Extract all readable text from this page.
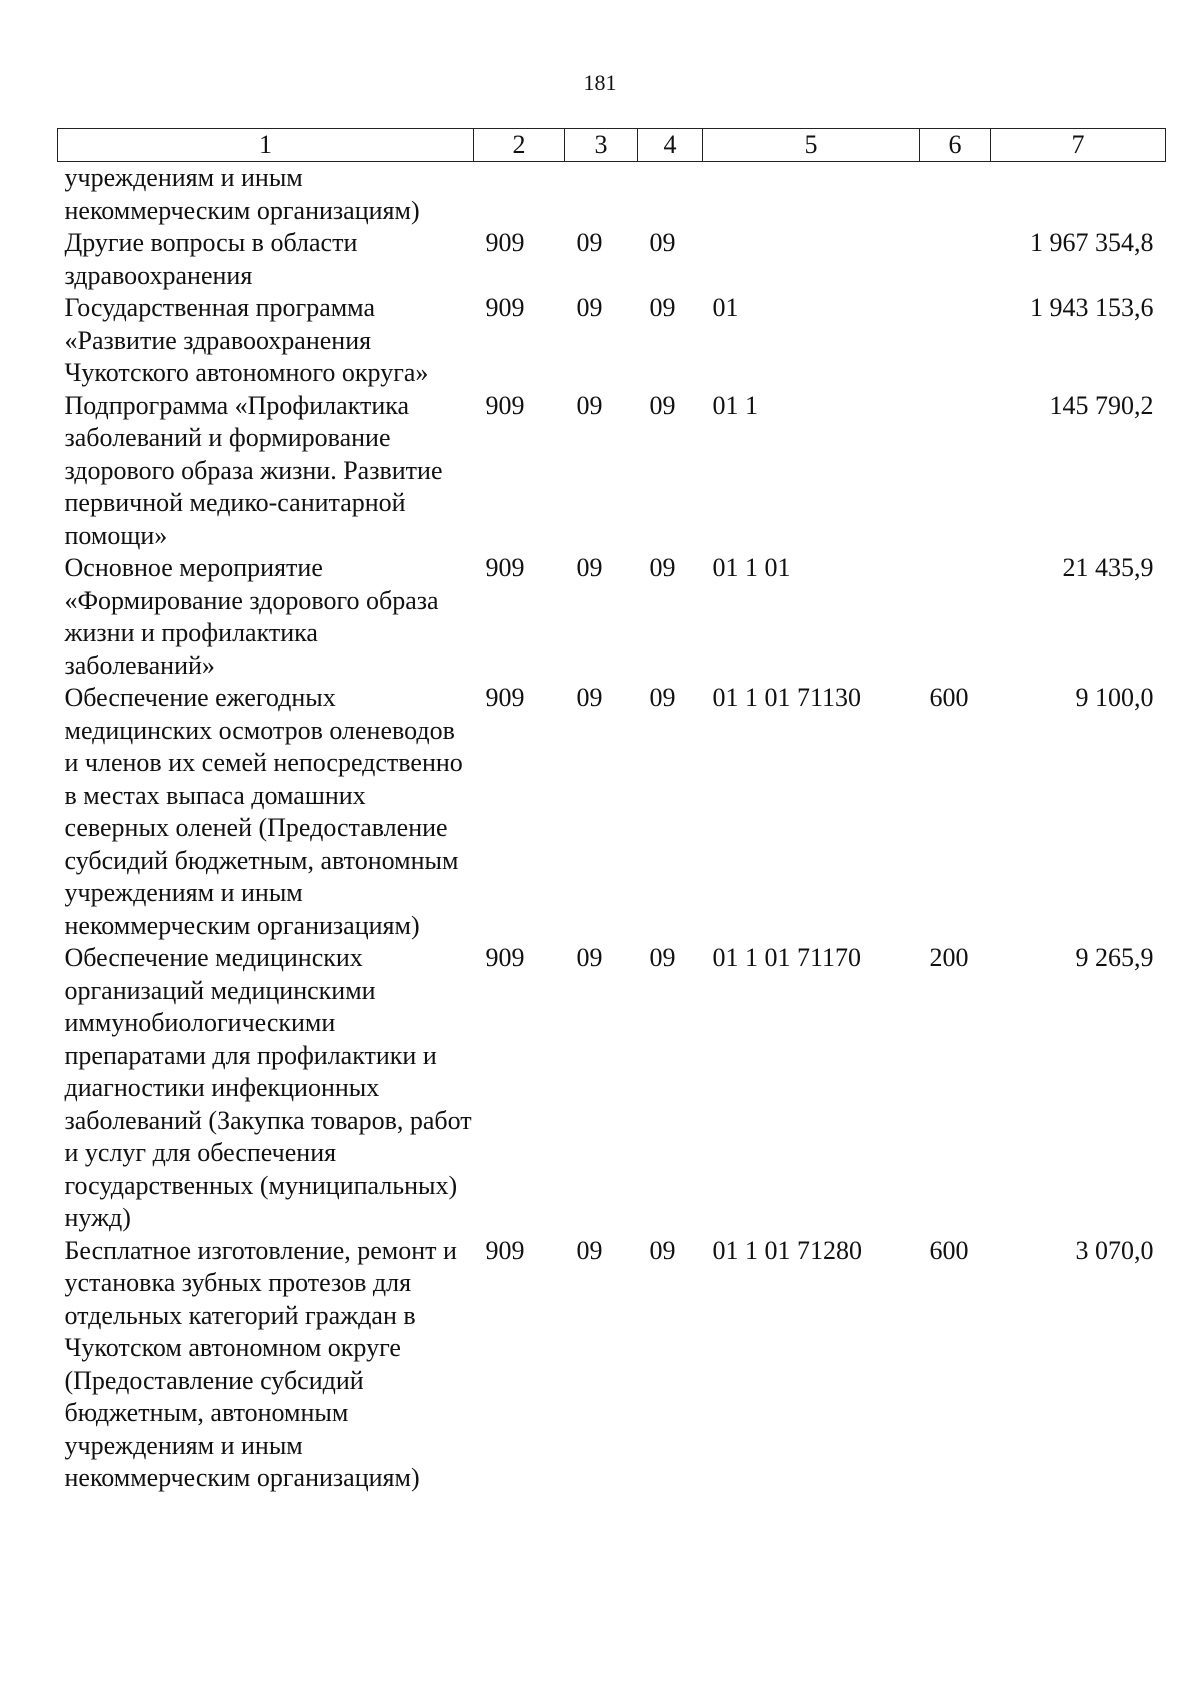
181
1	2	3	4	5	6	7
учреждениям и иным некоммерческим организациям)						
Другие вопросы в области здравоохранения	909	09	09			1 967 354,8
Государственная программа «Развитие здравоохранения Чукотского автономного округа»	909	09	09	01		1 943 153,6
Подпрограмма «Профилактика заболеваний и формирование здорового образа жизни. Развитие первичной медико-санитарной помощи»	909	09	09	01 1		145 790,2
Основное мероприятие «Формирование здорового образа жизни и профилактика заболеваний»	909	09	09	01 1 01		21 435,9
Обеспечение ежегодных медицинских осмотров оленеводов и членов их семей непосредственно в местах выпаса домашних северных оленей (Предоставление субсидий бюджетным, автономным учреждениям и иным некоммерческим организациям)	909	09	09	01 1 01 71130	600	9 100,0
Обеспечение медицинских организаций медицинскими иммунобиологическими препаратами для профилактики и диагностики инфекционных заболеваний (Закупка товаров, работ и услуг для обеспечения государственных (муниципальных) нужд)	909	09	09	01 1 01 71170	200	9 265,9
Бесплатное изготовление, ремонт и установка зубных протезов для отдельных категорий граждан в Чукотском автономном округе (Предоставление субсидий бюджетным, автономным учреждениям и иным некоммерческим организациям)	909	09	09	01 1 01 71280	600	3 070,0
